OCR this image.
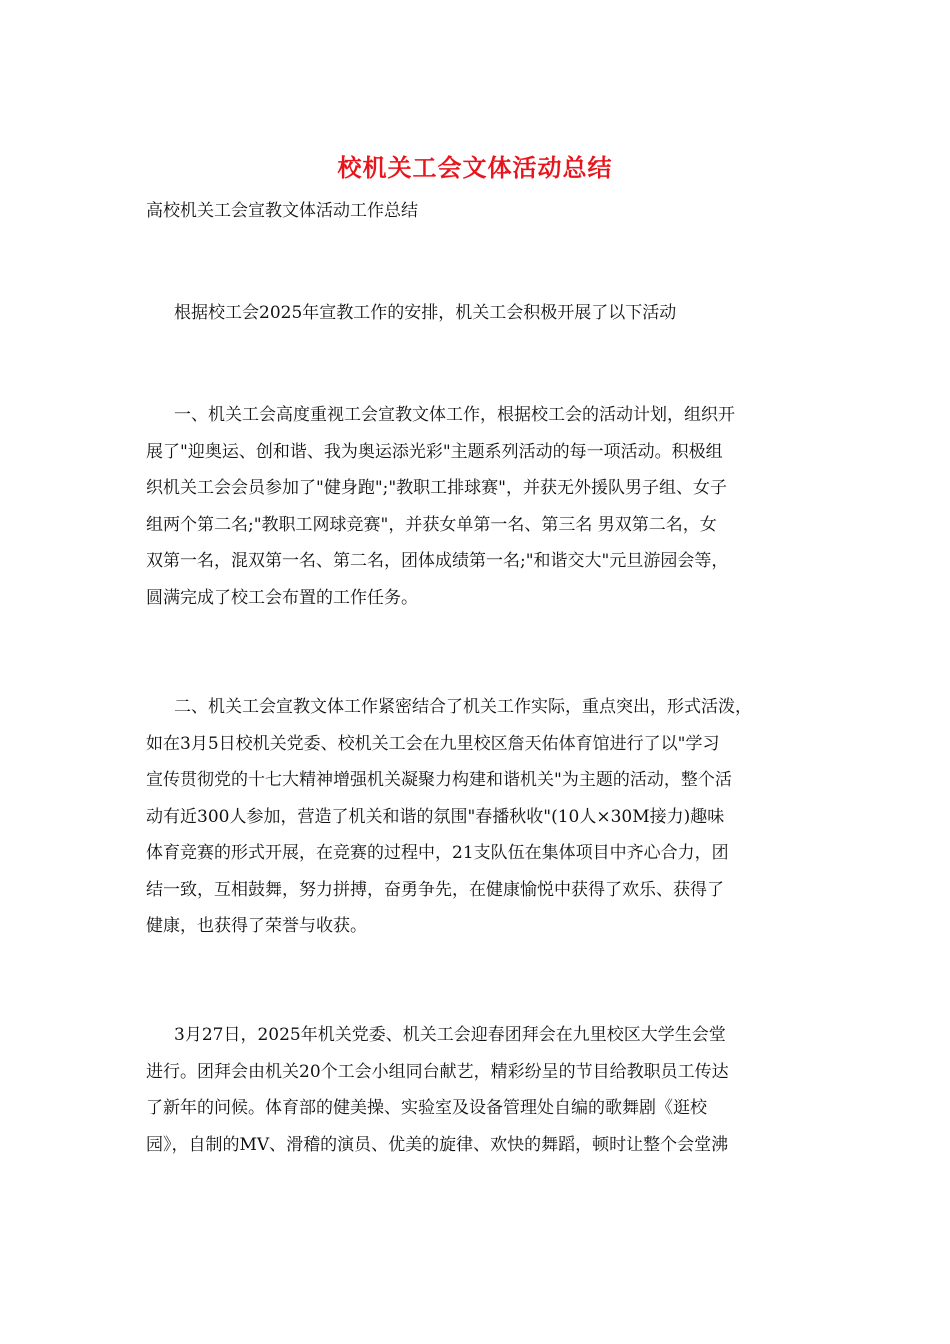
校机关工会文体活动总结
高校机关工会宣教文体活动工作总结

根据校工会2025年宣教工作的安排，机关工会积极开展了以下活动

一、机关工会高度重视工会宣教文体工作，根据校工会的活动计划，组织开
展了"迎奥运、创和谐、我为奥运添光彩"主题系列活动的每一项活动。积极组
织机关工会会员参加了"健身跑";"教职工排球赛"，并获无外援队男子组、女子
组两个第二名;"教职工网球竞赛"，并获女单第一名、第三名 男双第二名，女
双第一名，混双第一名、第二名，团体成绩第一名;"和谐交大"元旦游园会等，
圆满完成了校工会布置的工作任务。

二、机关工会宣教文体工作紧密结合了机关工作实际，重点突出，形式活泼，
如在3月5日校机关党委、校机关工会在九里校区詹天佑体育馆进行了以"学习
宣传贯彻党的十七大精神增强机关凝聚力构建和谐机关"为主题的活动，整个活
动有近300人参加，营造了机关和谐的氛围"春播秋收"(10人×30M接力)趣味
体育竞赛的形式开展，在竞赛的过程中，21支队伍在集体项目中齐心合力，团
结一致，互相鼓舞，努力拼搏，奋勇争先，在健康愉悦中获得了欢乐、获得了
健康，也获得了荣誉与收获。

3月27日，2025年机关党委、机关工会迎春团拜会在九里校区大学生会堂
进行。团拜会由机关20个工会小组同台献艺，精彩纷呈的节目给教职员工传达
了新年的问候。体育部的健美操、实验室及设备管理处自编的歌舞剧《逛校
园》，自制的MV、滑稽的演员、优美的旋律、欢快的舞蹈，顿时让整个会堂沸
